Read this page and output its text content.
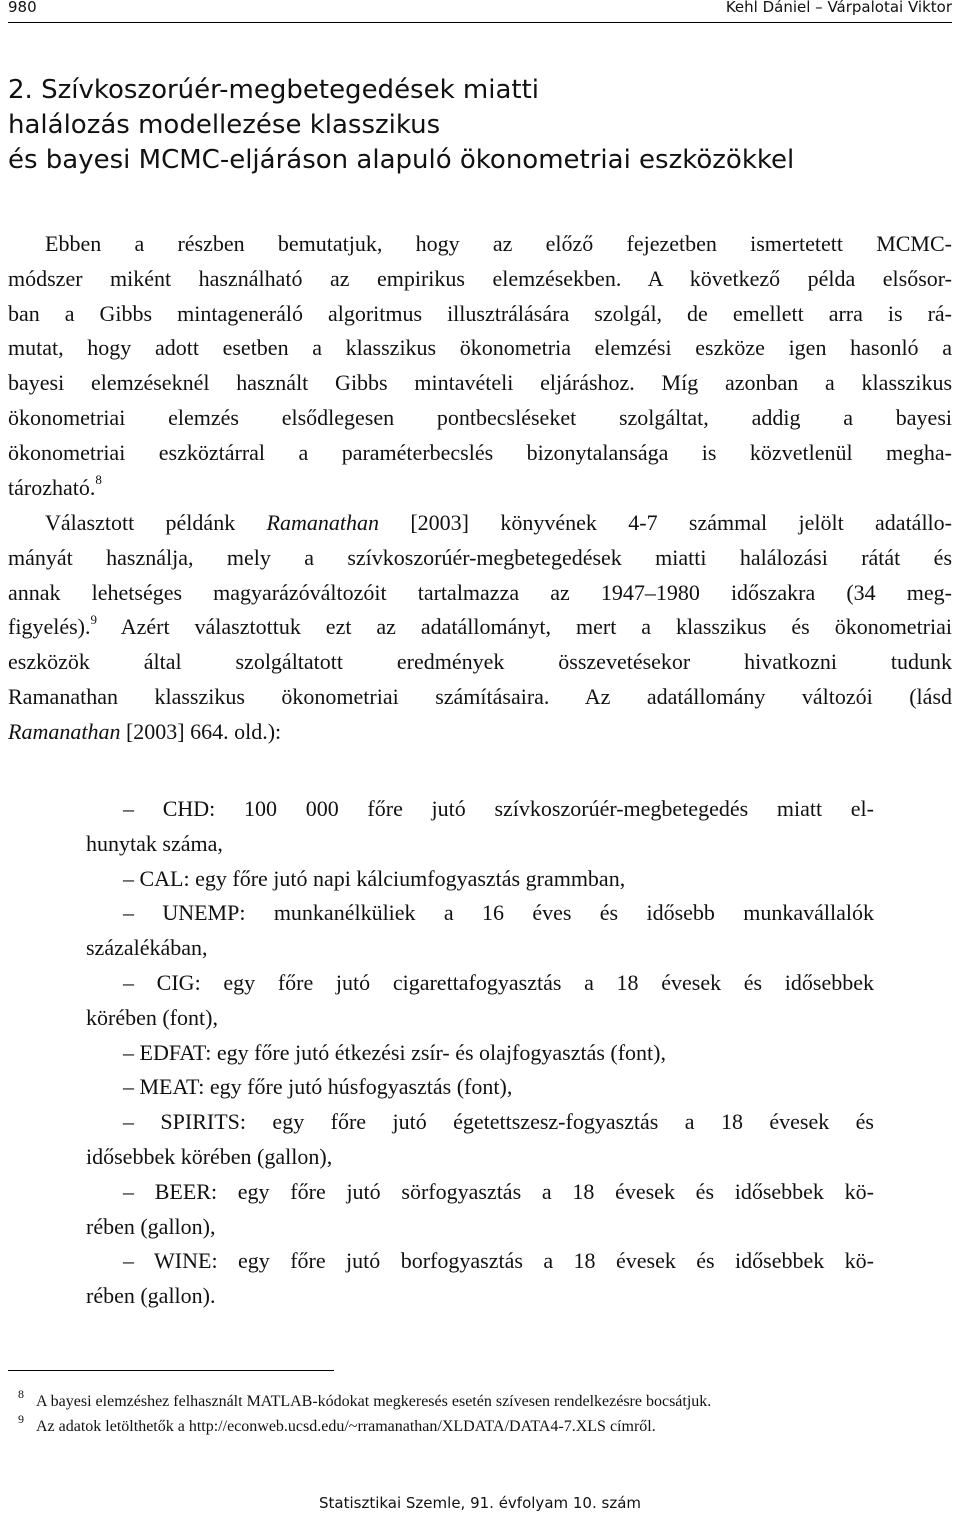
980	Kehl Dániel – Várpalotai Viktor
2. Szívkoszorúér-megbetegedések miatti
halálozás modellezése klasszikus
és bayesi MCMC-eljáráson alapuló ökonometriai eszközökkel
Ebben a részben bemutatjuk, hogy az előző fejezetben ismertetett MCMC-
módszer miként használható az empirikus elemzésekben. A következő példa elsősor-
ban a Gibbs mintageneráló algoritmus illusztrálására szolgál, de emellett arra is rá-
mutat, hogy adott esetben a klasszikus ökonometria elemzési eszköze igen hasonló a
bayesi elemzéseknél használt Gibbs mintavételi eljáráshoz. Míg azonban a klasszikus
ökonometriai elemzés elsődlegesen pontbecsléseket szolgáltat, addig a bayesi
ökonometriai eszköztárral a paraméterbecslés bizonytalansága is közvetlenül megha-
tározható.$^8$
Választott példánk Ramanathan [2003] könyvének 4-7 számmal jelölt adatállo-
mányát használja, mely a szívkoszorúér-megbetegedések miatti halálozási rátát és
annak lehetséges magyarázóváltozóit tartalmazza az 1947–1980 időszakra (34 meg-
figyelés).$^9$ Azért választottuk ezt az adatállományt, mert a klasszikus és ökonometriai
eszközök által szolgáltatott eredmények összevetésekor hivatkozni tudunk
Ramanathan klasszikus ökonometriai számításaira. Az adatállomány változói (lásd
Ramanathan [2003] 664. old.):
– CHD: 100 000 főre jutó szívkoszorúér-megbetegedés miatt el-
hunytak száma,
– CAL: egy főre jutó napi kálciumfogyasztás grammban,
– UNEMP: munkanélküliek a 16 éves és idősebb munkavállalók
százalékában,
– CIG: egy főre jutó cigarettafogyasztás a 18 évesek és idősebbek
körében (font),
– EDFAT: egy főre jutó étkezési zsír- és olajfogyasztás (font),
– MEAT: egy főre jutó húsfogyasztás (font),
– SPIRITS: egy főre jutó égetettszesz-fogyasztás a 18 évesek és
idősebbek körében (gallon),
– BEER: egy főre jutó sörfogyasztás a 18 évesek és idősebbek kö-
rében (gallon),
– WINE: egy főre jutó borfogyasztás a 18 évesek és idősebbek kö-
rében (gallon).
8 A bayesi elemzéshez felhasznált MATLAB-kódokat megkeresés esetén szívesen rendelkezésre bocsátjuk.
9 Az adatok letölthetők a http://econweb.ucsd.edu/~rramanathan/XLDATA/DATA4-7.XLS címről.
Statisztikai Szemle, 91. évfolyam 10. szám
